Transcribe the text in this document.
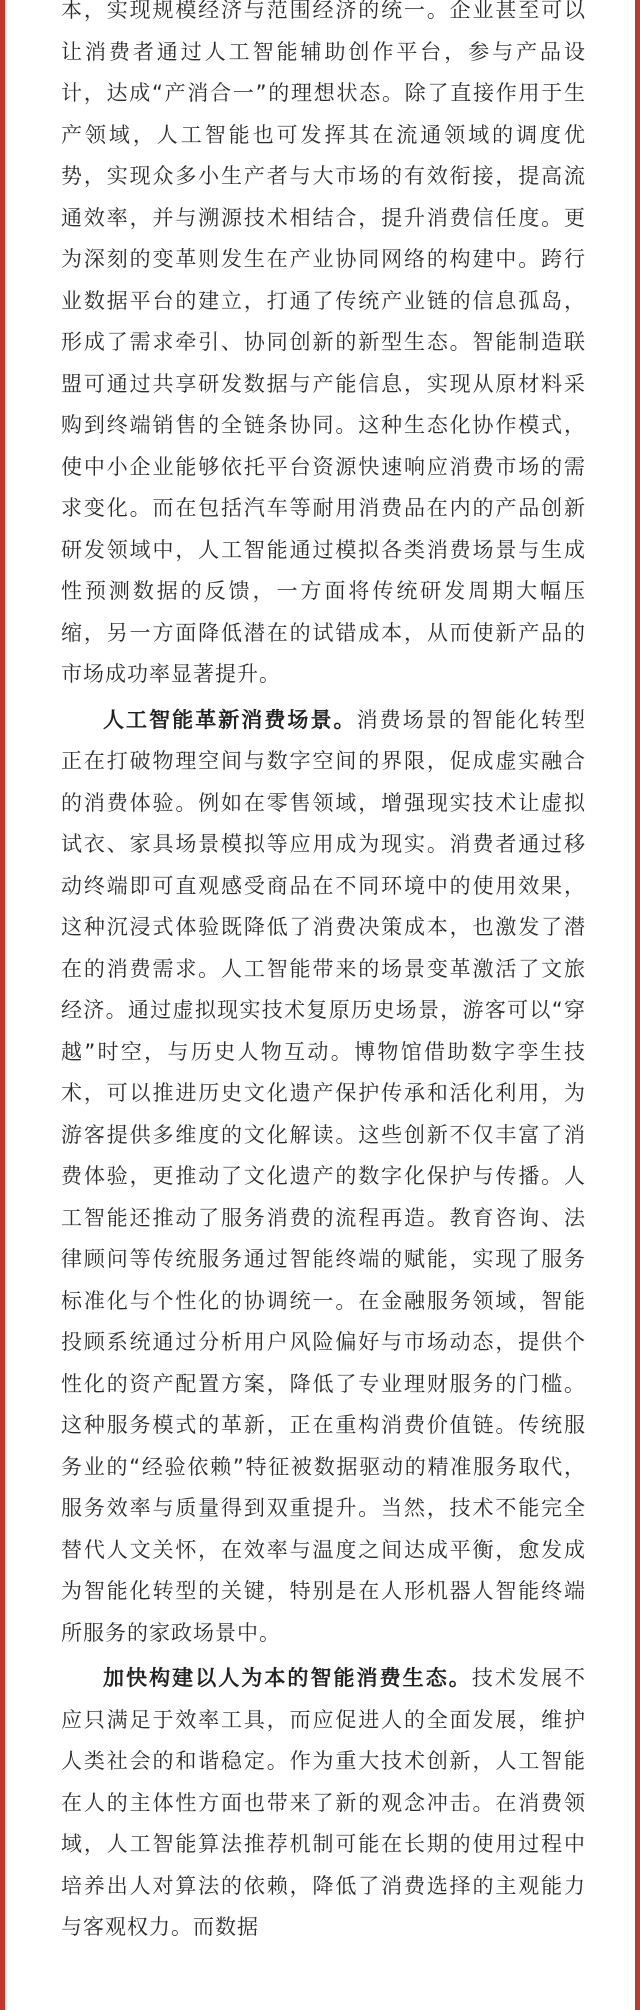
本，实现规模经济与范围经济的统一。企业甚至可以让消费者通过人工智能辅助创作平台，参与产品设计，达成“产消合一”的理想状态。除了直接作用于生产领域，人工智能也可发挥其在流通领域的调度优势，实现众多小生产者与大市场的有效衔接，提高流通效率，并与溯源技术相结合，提升消费信任度。更为深刻的变革则发生在产业协同网络的构建中。跨行业数据平台的建立，打通了传统产业链的信息孤岛，形成了需求牵引、协同创新的新型生态。智能制造联盟可通过共享研发数据与产能信息，实现从原材料采购到终端销售的全链条协同。这种生态化协作模式，使中小企业能够依托平台资源快速响应消费市场的需求变化。而在包括汽车等耐用消费品在内的产品创新研发领域中，人工智能通过模拟各类消费场景与生成性预测数据的反馈，一方面将传统研发周期大幅压缩，另一方面降低潜在的试错成本，从而使新产品的市场成功率显著提升。

人工智能革新消费场景。消费场景的智能化转型正在打破物理空间与数字空间的界限，促成虚实融合的消费体验。例如在零售领域，增强现实技术让虚拟试衣、家具场景模拟等应用成为现实。消费者通过移动终端即可直观感受商品在不同环境中的使用效果，这种沉浸式体验既降低了消费决策成本，也激发了潜在的消费需求。人工智能带来的场景变革激活了文旅经济。通过虚拟现实技术复原历史场景，游客可以“穿越”时空，与历史人物互动。博物馆借助数字孪生技术，可以推进历史文化遗产保护传承和活化利用，为游客提供多维度的文化解读。这些创新不仅丰富了消费体验，更推动了文化遗产的数字化保护与传播。人工智能还推动了服务消费的流程再造。教育咨询、法律顾问等传统服务通过智能终端的赋能，实现了服务标准化与个性化的协调统一。在金融服务领域，智能投顾系统通过分析用户风险偏好与市场动态，提供个性化的资产配置方案，降低了专业理财服务的门槛。这种服务模式的革新，正在重构消费价值链。传统服务业的“经验依赖”特征被数据驱动的精准服务取代，服务效率与质量得到双重提升。当然，技术不能完全替代人文关怀，在效率与温度之间达成平衡，愈发成为智能化转型的关键，特别是在人形机器人智能终端所服务的家政场景中。

加快构建以人为本的智能消费生态。技术发展不应只满足于效率工具，而应促进人的全面发展，维护人类社会的和谐稳定。作为重大技术创新，人工智能在人的主体性方面也带来了新的观念冲击。在消费领域，人工智能算法推荐机制可能在长期的使用过程中培养出人对算法的依赖，降低了消费选择的主观能力与客观权力。而数据
